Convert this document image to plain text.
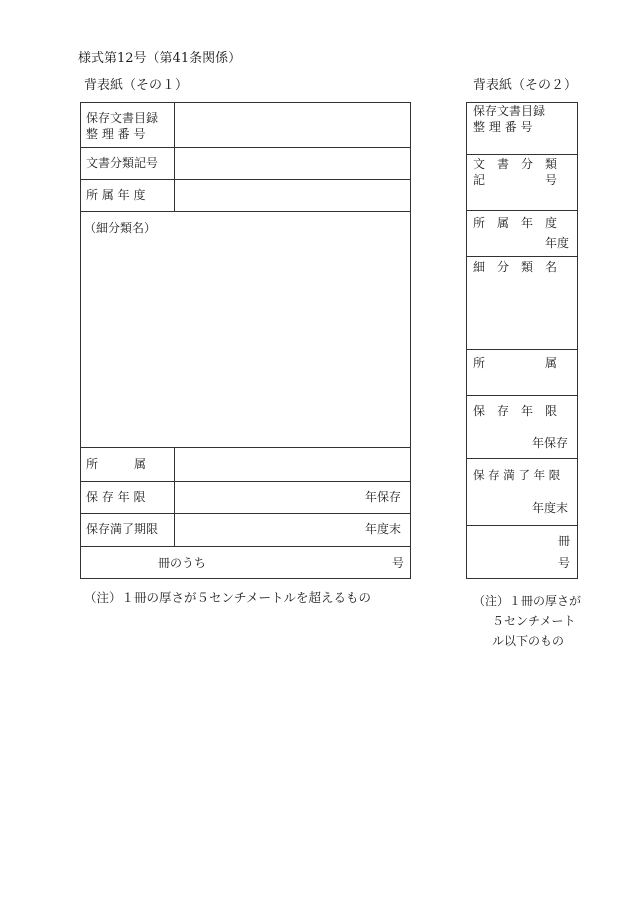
様式第12号（第41条関係）
背表紙（その１）	背表紙（その２）
保存文書目録
整 理 番 号
文書分類記号
所 属 年 度
（細分類名）
所　　　属
保 存 年 限	年保存
保存満了期限	年度末
冊のうち	号
（注）１冊の厚さが５センチメートルを超えるもの
保存文書目録
整 理 番 号
文　書　分　類
記　　　　　号
所　属　年　度
年度
細　分　類　名
所　　　　　属
保　存　年　限
年保存
保 存 満 了 年 限
年度末
冊
号
（注）１冊の厚さが５センチメートル以下のもの
